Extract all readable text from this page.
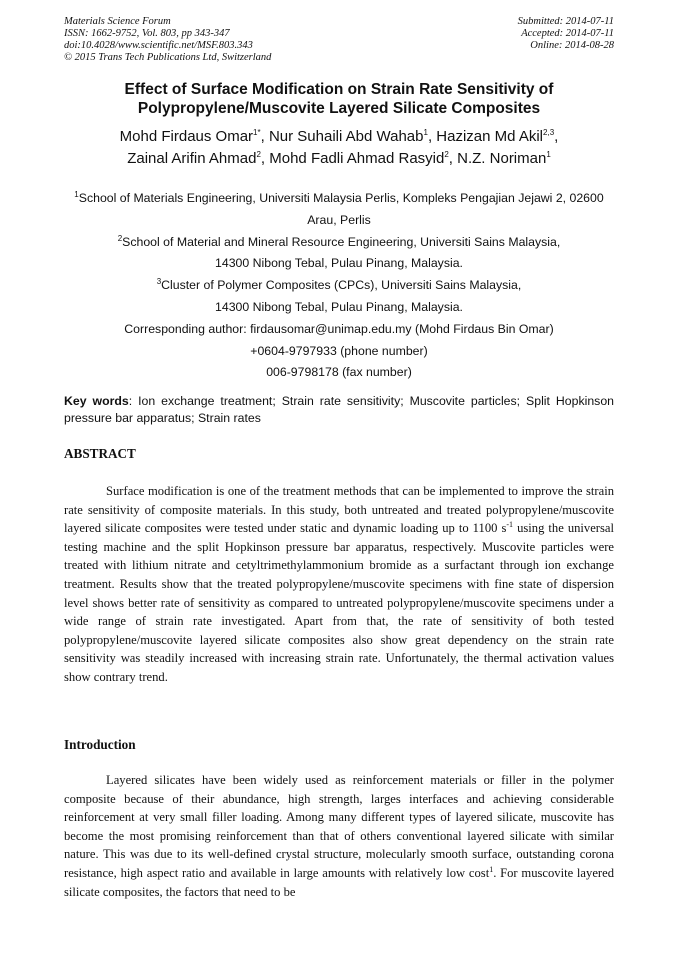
Materials Science Forum
ISSN: 1662-9752, Vol. 803, pp 343-347
doi:10.4028/www.scientific.net/MSF.803.343
© 2015 Trans Tech Publications Ltd, Switzerland
Submitted: 2014-07-11
Accepted: 2014-07-11
Online: 2014-08-28
Effect of Surface Modification on Strain Rate Sensitivity of
Polypropylene/Muscovite Layered Silicate Composites
Mohd Firdaus Omar$^{1*}$, Nur Suhaili Abd Wahab$^1$, Hazizan Md Akil$^{2,3}$,
Zainal Arifin Ahmad$^2$, Mohd Fadli Ahmad Rasyid$^2$, N.Z. Noriman$^1$
$^1$School of Materials Engineering, Universiti Malaysia Perlis, Kompleks Pengajian Jejawi 2, 02600
Arau, Perlis
$^2$School of Material and Mineral Resource Engineering, Universiti Sains Malaysia,
14300 Nibong Tebal, Pulau Pinang, Malaysia.
$^3$Cluster of Polymer Composites (CPCs), Universiti Sains Malaysia,
14300 Nibong Tebal, Pulau Pinang, Malaysia.
Corresponding author: firdausomar@unimap.edu.my (Mohd Firdaus Bin Omar)
+0604-9797933 (phone number)
006-9798178 (fax number)
Key words: Ion exchange treatment; Strain rate sensitivity; Muscovite particles; Split Hopkinson pressure bar apparatus; Strain rates
ABSTRACT
Surface modification is one of the treatment methods that can be implemented to improve the strain rate sensitivity of composite materials. In this study, both untreated and treated polypropylene/muscovite layered silicate composites were tested under static and dynamic loading up to 1100 $s^{-1}$ using the universal testing machine and the split Hopkinson pressure bar apparatus, respectively. Muscovite particles were treated with lithium nitrate and cetyltrimethylammonium bromide as a surfactant through ion exchange treatment. Results show that the treated polypropylene/muscovite specimens with fine state of dispersion level shows better rate of sensitivity as compared to untreated polypropylene/muscovite specimens under a wide range of strain rate investigated. Apart from that, the rate of sensitivity of both tested polypropylene/muscovite layered silicate composites also show great dependency on the strain rate sensitivity was steadily increased with increasing strain rate. Unfortunately, the thermal activation values show contrary trend.
Introduction
Layered silicates have been widely used as reinforcement materials or filler in the polymer composite because of their abundance, high strength, larges interfaces and achieving considerable reinforcement at very small filler loading. Among many different types of layered silicate, muscovite has become the most promising reinforcement than that of others conventional layered silicate with similar nature. This was due to its well-defined crystal structure, molecularly smooth surface, outstanding corona resistance, high aspect ratio and available in large amounts with relatively low cost$^1$. For muscovite layered silicate composites, the factors that need to be
